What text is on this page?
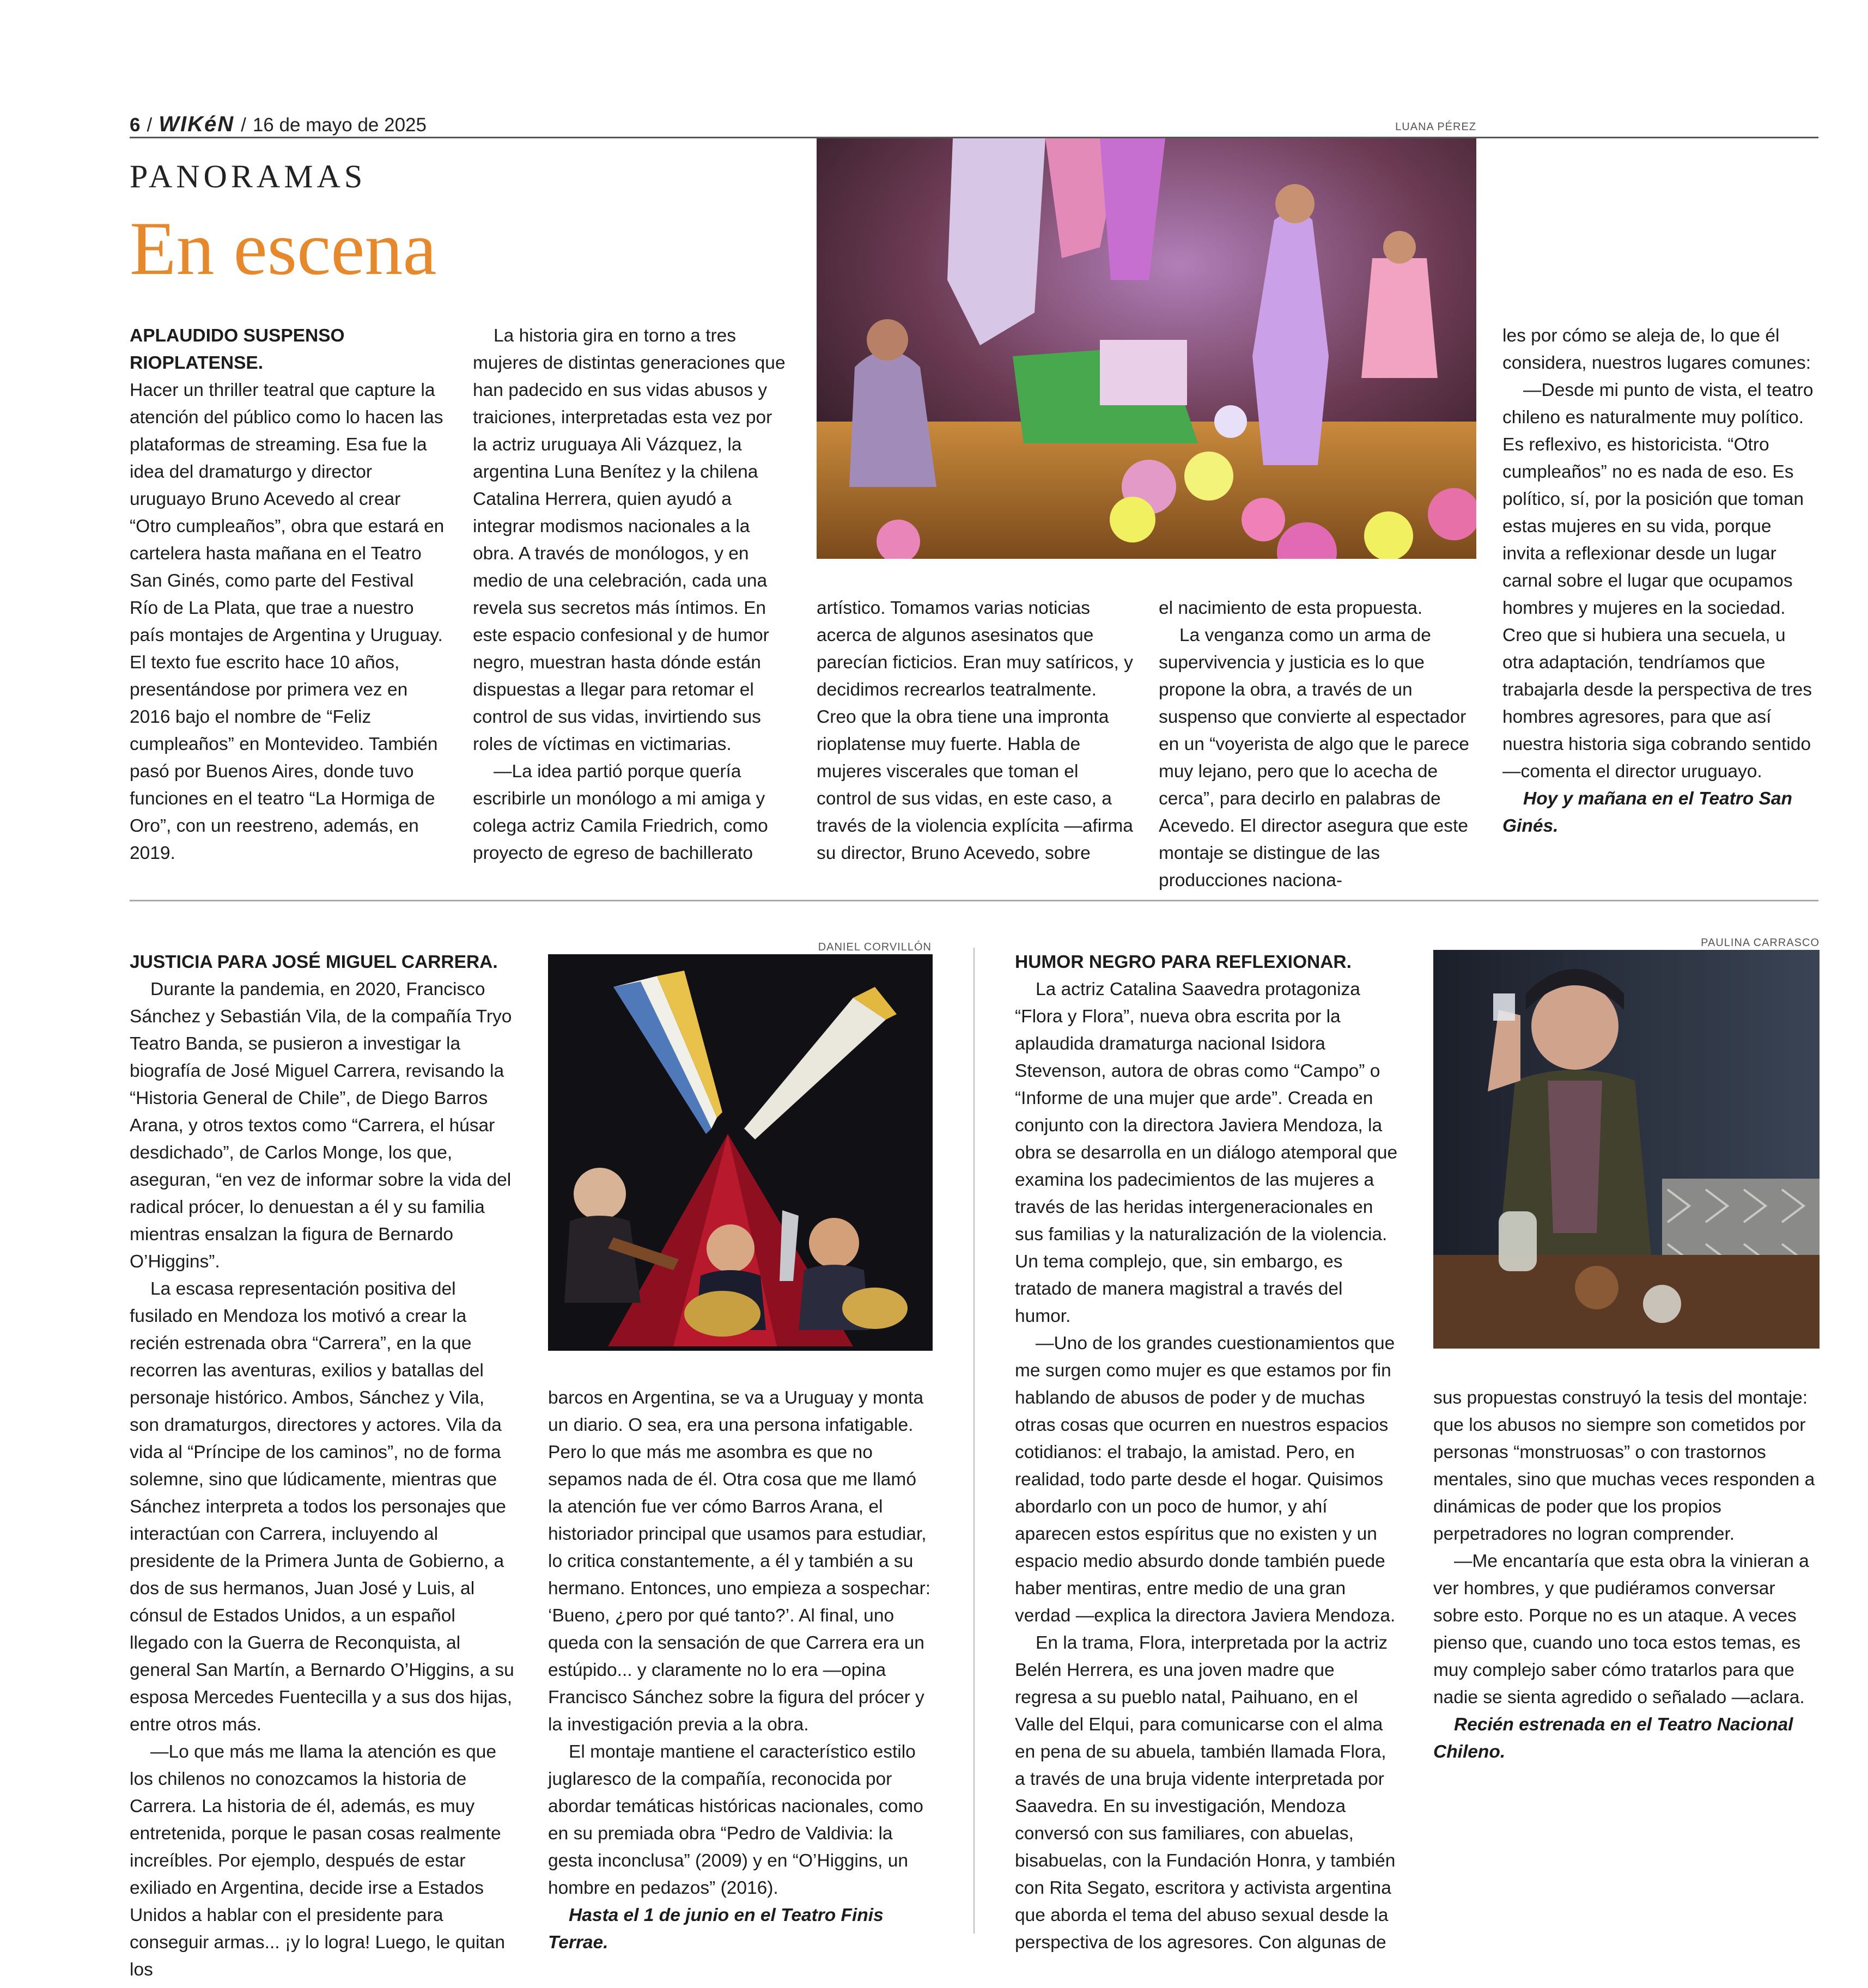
6 / WIKéN / 16 de mayo de 2025
PANORAMAS
En escena
LUANA PÉREZ
APLAUDIDO SUSPENSO RIOPLATENSE.

Hacer un thriller teatral que capture la atención del público como lo hacen las plataformas de streaming. Esa fue la idea del dramaturgo y director uruguayo Bruno Acevedo al crear “Otro cumpleaños”, obra que estará en cartelera hasta mañana en el Teatro San Ginés, como parte del Festival Río de La Plata, que trae a nuestro país montajes de Argentina y Uruguay. El texto fue escrito hace 10 años, presentándose por primera vez en 2016 bajo el nombre de “Feliz cumpleaños” en Montevideo. También pasó por Buenos Aires, donde tuvo funciones en el teatro “La Hormiga de Oro”, con un reestreno, además, en 2019.

La historia gira en torno a tres mujeres de distintas generaciones que han padecido en sus vidas abusos y traiciones, interpretadas esta vez por la actriz uruguaya Ali Vázquez, la argentina Luna Benítez y la chilena Catalina Herrera, quien ayudó a integrar modismos nacionales a la obra. A través de monólogos, y en medio de una celebración, cada una revela sus secretos más íntimos. En este espacio confesional y de humor negro, muestran hasta dónde están dispuestas a llegar para retomar el control de sus vidas, invirtiendo sus roles de víctimas en victimarias.

—La idea partió porque quería escribirle un monólogo a mi amiga y colega actriz Camila Friedrich, como proyecto de egreso de bachillerato

artístico. Tomamos varias noticias acerca de algunos asesinatos que parecían ficticios. Eran muy satíricos, y decidimos recrearlos teatralmente. Creo que la obra tiene una impronta rioplatense muy fuerte. Habla de mujeres viscerales que toman el control de sus vidas, en este caso, a través de la violencia explícita —afirma su director, Bruno Acevedo, sobre

el nacimiento de esta propuesta.

La venganza como un arma de supervivencia y justicia es lo que propone la obra, a través de un suspenso que convierte al espectador en un “voyerista de algo que le parece muy lejano, pero que lo acecha de cerca”, para decirlo en palabras de Acevedo. El director asegura que este montaje se distingue de las producciones naciona-

les por cómo se aleja de, lo que él considera, nuestros lugares comunes:

—Desde mi punto de vista, el teatro chileno es naturalmente muy político. Es reflexivo, es historicista. “Otro cumpleaños” no es nada de eso. Es político, sí, por la posición que toman estas mujeres en su vida, porque invita a reflexionar desde un lugar carnal sobre el lugar que ocupamos hombres y mujeres en la sociedad. Creo que si hubiera una secuela, u otra adaptación, tendríamos que trabajarla desde la perspectiva de tres hombres agresores, para que así nuestra historia siga cobrando sentido —comenta el director uruguayo.

Hoy y mañana en el Teatro San Ginés.

JUSTICIA PARA JOSÉ MIGUEL CARRERA.

Durante la pandemia, en 2020, Francisco Sánchez y Sebastián Vila, de la compañía Tryo Teatro Banda, se pusieron a investigar la biografía de José Miguel Carrera, revisando la “Historia General de Chile”, de Diego Barros Arana, y otros textos como “Carrera, el húsar desdichado”, de Carlos Monge, los que, aseguran, “en vez de informar sobre la vida del radical prócer, lo denuestan a él y su familia mientras ensalzan la figura de Bernardo O’Higgins”.

La escasa representación positiva del fusilado en Mendoza los motivó a crear la recién estrenada obra “Carrera”, en la que recorren las aventuras, exilios y batallas del personaje histórico. Ambos, Sánchez y Vila, son dramaturgos, directores y actores. Vila da vida al “Príncipe de los caminos”, no de forma solemne, sino que lúdicamente, mientras que Sánchez interpreta a todos los personajes que interactúan con Carrera, incluyendo al presidente de la Primera Junta de Gobierno, a dos de sus hermanos, Juan José y Luis, al cónsul de Estados Unidos, a un español llegado con la Guerra de Reconquista, al general San Martín, a Bernardo O’Higgins, a su esposa Mercedes Fuentecilla y a sus dos hijas, entre otros más.

—Lo que más me llama la atención es que los chilenos no conozcamos la historia de Carrera. La historia de él, además, es muy entretenida, porque le pasan cosas realmente increíbles. Por ejemplo, después de estar exiliado en Argentina, decide irse a Estados Unidos a hablar con el presidente para conseguir armas... ¡y lo logra! Luego, le quitan los

DANIEL CORVILLÓN

barcos en Argentina, se va a Uruguay y monta un diario. O sea, era una persona infatigable. Pero lo que más me asombra es que no sepamos nada de él. Otra cosa que me llamó la atención fue ver cómo Barros Arana, el historiador principal que usamos para estudiar, lo critica constantemente, a él y también a su hermano. Entonces, uno empieza a sospechar: ‘Bueno, ¿pero por qué tanto?’. Al final, uno queda con la sensación de que Carrera era un estúpido... y claramente no lo era —opina Francisco Sánchez sobre la figura del prócer y la investigación previa a la obra.

El montaje mantiene el característico estilo juglaresco de la compañía, reconocida por abordar temáticas históricas nacionales, como en su premiada obra “Pedro de Valdivia: la gesta inconclusa” (2009) y en “O’Higgins, un hombre en pedazos” (2016).

Hasta el 1 de junio en el Teatro Finis Terrae.

HUMOR NEGRO PARA REFLEXIONAR.

La actriz Catalina Saavedra protagoniza “Flora y Flora”, nueva obra escrita por la aplaudida dramaturga nacional Isidora Stevenson, autora de obras como “Campo” o “Informe de una mujer que arde”. Creada en conjunto con la directora Javiera Mendoza, la obra se desarrolla en un diálogo atemporal que examina los padecimientos de las mujeres a través de las heridas intergeneracionales en sus familias y la naturalización de la violencia. Un tema complejo, que, sin embargo, es tratado de manera magistral a través del humor.

—Uno de los grandes cuestionamientos que me surgen como mujer es que estamos por fin hablando de abusos de poder y de muchas otras cosas que ocurren en nuestros espacios cotidianos: el trabajo, la amistad. Pero, en realidad, todo parte desde el hogar. Quisimos abordarlo con un poco de humor, y ahí aparecen estos espíritus que no existen y un espacio medio absurdo donde también puede haber mentiras, entre medio de una gran verdad —explica la directora Javiera Mendoza.

En la trama, Flora, interpretada por la actriz Belén Herrera, es una joven madre que regresa a su pueblo natal, Paihuano, en el Valle del Elqui, para comunicarse con el alma en pena de su abuela, también llamada Flora, a través de una bruja vidente interpretada por Saavedra. En su investigación, Mendoza conversó con sus familiares, con abuelas, bisabuelas, con la Fundación Honra, y también con Rita Segato, escritora y activista argentina que aborda el tema del abuso sexual desde la perspectiva de los agresores. Con algunas de

PAULINA CARRASCO

sus propuestas construyó la tesis del montaje: que los abusos no siempre son cometidos por personas “monstruosas” o con trastornos mentales, sino que muchas veces responden a dinámicas de poder que los propios perpetradores no logran comprender.

—Me encantaría que esta obra la vinieran a ver hombres, y que pudiéramos conversar sobre esto. Porque no es un ataque. A veces pienso que, cuando uno toca estos temas, es muy complejo saber cómo tratarlos para que nadie se sienta agredido o señalado —aclara.

Recién estrenada en el Teatro Nacional Chileno.
